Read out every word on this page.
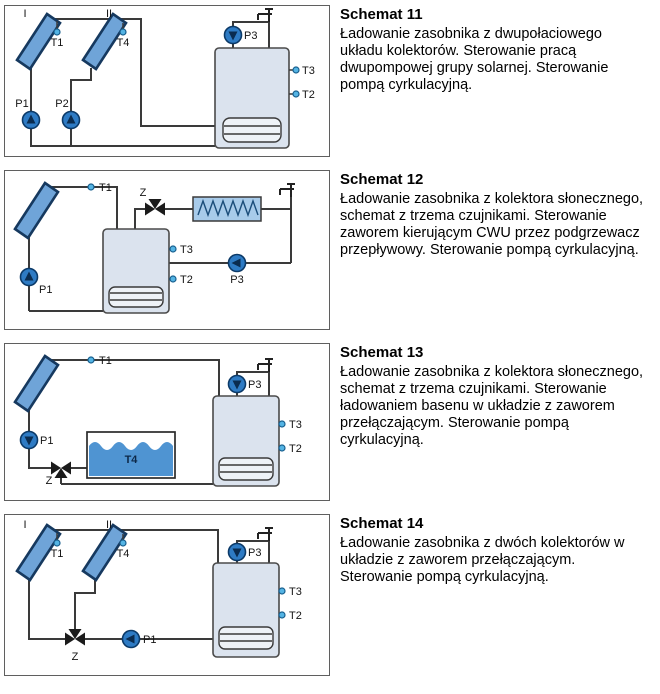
I	II
T1	T4
P1 P2
P3
T3
T2
Schemat 11

Ładowanie zasobnika z dwupołaciowego układu kolektorów. Sterowanie pracą dwupompowej grupy solarnej. Sterowanie pompą cyrkulacyjną.

T1	Z
T3
T2	P3
P1
Schemat 12

Ładowanie zasobnika z kolektora słonecznego, schemat z trzema czujnikami. Sterowanie zaworem kierującym CWU przez podgrzewacz przepływowy. Sterowanie pompą cyrkulacyjną.

T1
P1
Z
T4
P3
T3
T2
Schemat 13

Ładowanie zasobnika z kolektora słonecznego, schemat z trzema czujnikami. Sterowanie ładowaniem basenu w układzie z zaworem przełączającym. Sterowanie pompą cyrkulacyjną.

I	II
T1	T4	P3
T3
T2
P1
Z
Schemat 14

Ładowanie zasobnika z dwóch kolektorów w układzie z zaworem przełączającym. Sterowanie pompą cyrkulacyjną.
